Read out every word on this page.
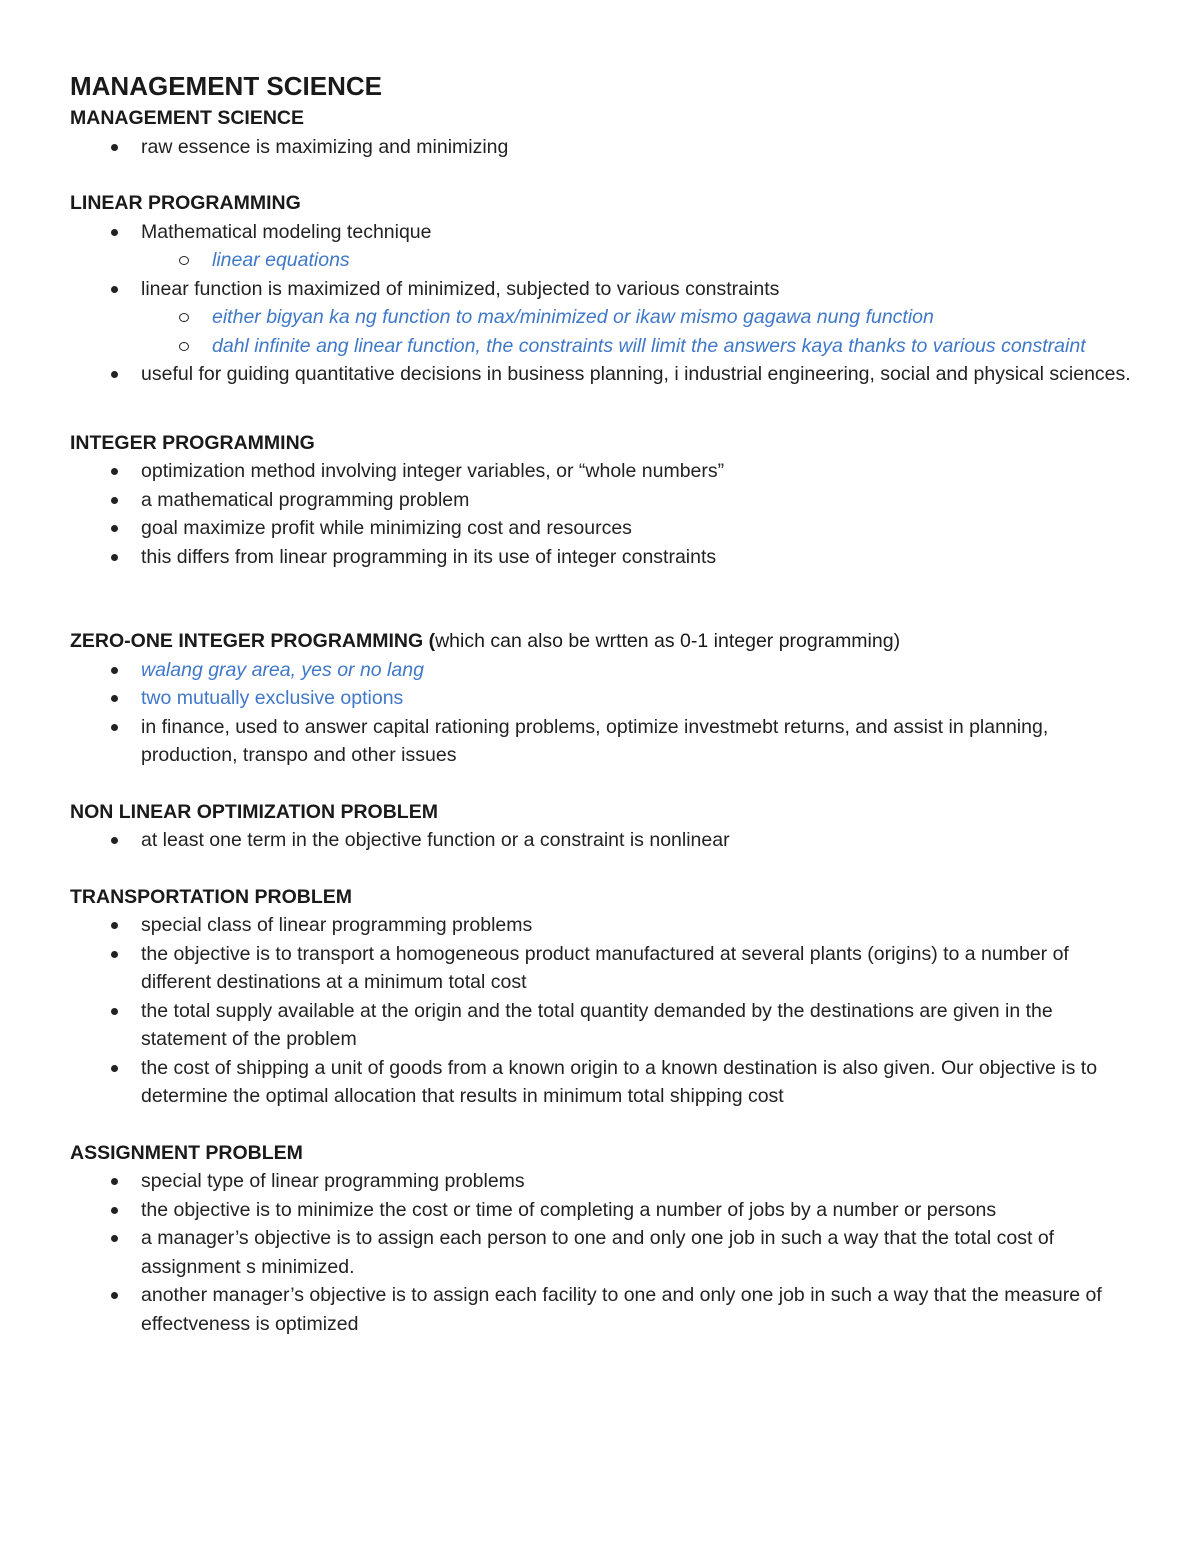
MANAGEMENT SCIENCE
MANAGEMENT SCIENCE
raw essence is maximizing and minimizing
LINEAR PROGRAMMING
Mathematical modeling technique
linear equations
linear function is maximized of minimized, subjected to various constraints
either bigyan ka ng function to max/minimized or ikaw mismo gagawa nung function
dahl infinite ang linear function, the constraints will limit the answers kaya thanks to various constraint
useful for guiding quantitative decisions in business planning, i industrial engineering, social and physical sciences.
INTEGER PROGRAMMING
optimization method involving integer variables, or “whole numbers”
a mathematical programming problem
goal maximize profit while minimizing cost and resources
this differs from linear programming in its use of integer constraints
ZERO-ONE INTEGER PROGRAMMING (which can also be wrtten as 0-1 integer programming)
walang gray area, yes or no lang
two mutually exclusive options
in finance, used to answer capital rationing problems, optimize investmebt returns, and assist in planning, production, transpo and other issues
NON LINEAR OPTIMIZATION PROBLEM
at least one term in the objective function or a constraint is nonlinear
TRANSPORTATION PROBLEM
special class of linear programming problems
the objective is to transport a homogeneous product manufactured at several plants (origins) to a number of different destinations at a minimum total cost
the total supply available at the origin and the total quantity demanded by the destinations are given in the statement of the problem
the cost of shipping a unit of goods from a known origin to a known destination is also given. Our objective is to determine the optimal allocation that results in minimum total shipping cost
ASSIGNMENT PROBLEM
special type of linear programming problems
the objective is to minimize the cost or time of completing a number of jobs by a number or persons
a manager’s objective is to assign each person to one and only one job in such a way that the total cost of assignment s minimized.
another manager’s objective is to assign each facility to one and only one job in such a way that the measure of effectveness is optimized
